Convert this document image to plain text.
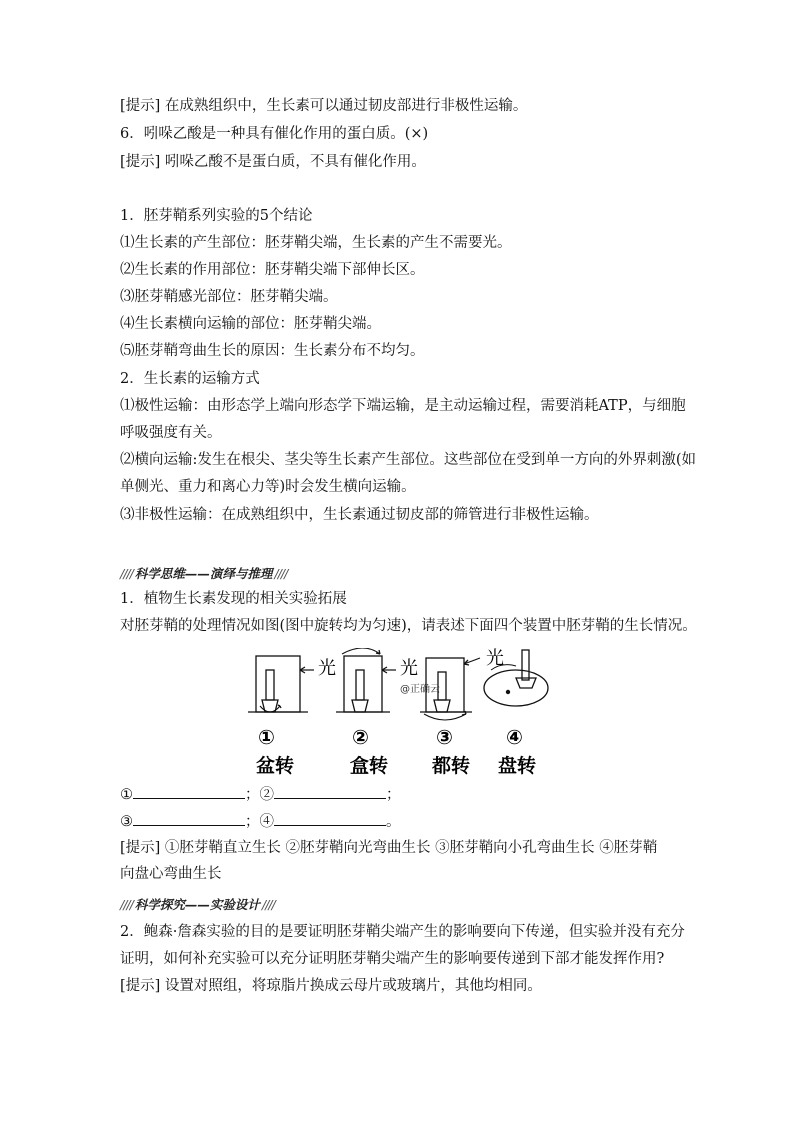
[提示] 在成熟组织中，生长素可以通过韧皮部进行非极性运输。
6．吲哚乙酸是一种具有催化作用的蛋白质。(×)
[提示] 吲哚乙酸不是蛋白质，不具有催化作用。
1．胚芽鞘系列实验的5个结论
⑴生长素的产生部位：胚芽鞘尖端，生长素的产生不需要光。
⑵生长素的作用部位：胚芽鞘尖端下部伸长区。
⑶胚芽鞘感光部位：胚芽鞘尖端。
⑷生长素横向运输的部位：胚芽鞘尖端。
⑸胚芽鞘弯曲生长的原因：生长素分布不均匀。
2．生长素的运输方式
⑴极性运输：由形态学上端向形态学下端运输，是主动运输过程，需要消耗ATP，与细胞
呼吸强度有关。
⑵横向运输:发生在根尖、茎尖等生长素产生部位。这些部位在受到单一方向的外界刺激(如
单侧光、重力和离心力等)时会发生横向运输。
⑶非极性运输：在成熟组织中，生长素通过韧皮部的筛管进行非极性运输。
//// 科学思维——演绎与推理 ////
1．植物生长素发现的相关实验拓展
对胚芽鞘的处理情况如图(图中旋转均为匀速)，请表述下面四个装置中胚芽鞘的生长情况。
光	光	光
@正确云
①
盆转
②
盒转
③
都转
④
盘转
①	；②	；
③	；④	。
[提示] ①胚芽鞘直立生长 ②胚芽鞘向光弯曲生长 ③胚芽鞘向小孔弯曲生长 ④胚芽鞘
向盘心弯曲生长
//// 科学探究——实验设计 ////
2．鲍森·詹森实验的目的是要证明胚芽鞘尖端产生的影响要向下传递，但实验并没有充分
证明，如何补充实验可以充分证明胚芽鞘尖端产生的影响要传递到下部才能发挥作用?
[提示] 设置对照组，将琼脂片换成云母片或玻璃片，其他均相同。
